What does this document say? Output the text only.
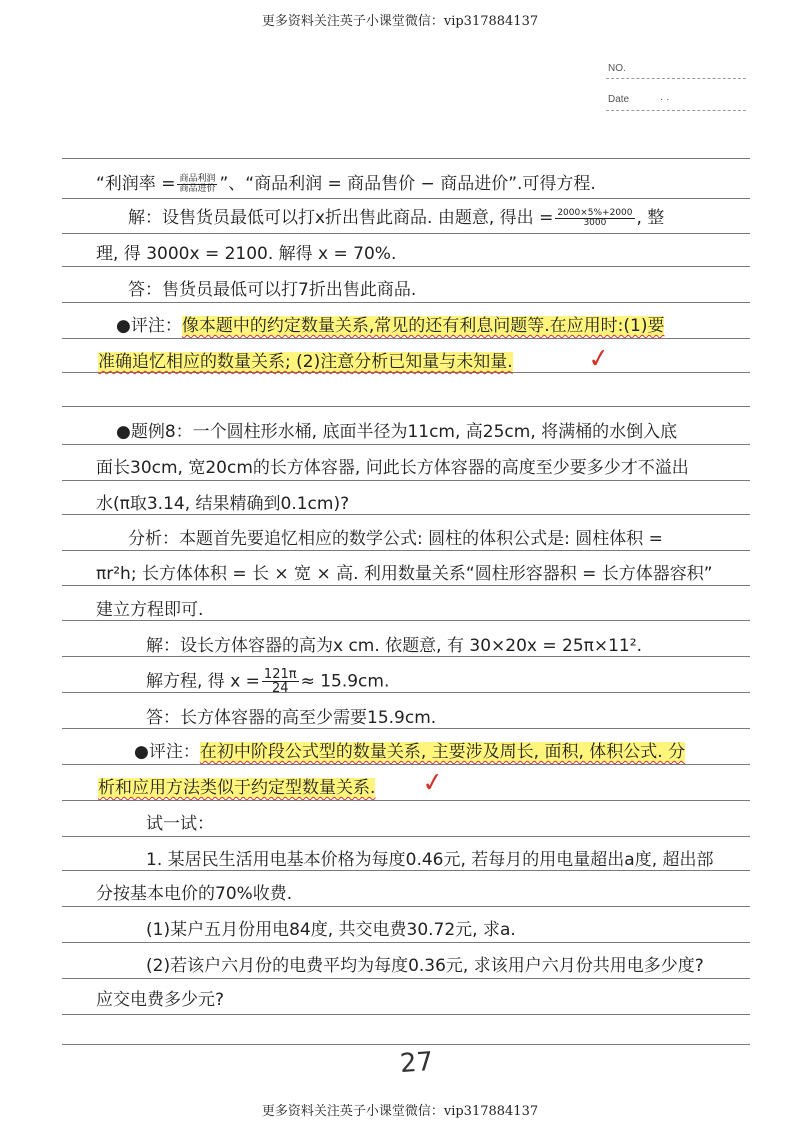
更多资料关注英子小课堂微信：vip317884137
NO.
Date	· ·
“利润率 = $\frac{\text{商品利润}}{\text{商品进价}}$ ”、“商品利润 = 商品售价 − 商品进价”.可得方程.
解：设售货员最低可以打x折出售此商品. 由题意, 得出 = $\frac{2000\times 5\%+2000}{3000}$ , 整
理, 得 3000x = 2100. 解得 x = 70%.
答：售货员最低可以打7折出售此商品.
●评注：像本题中的约定数量关系,常见的还有利息问题等.在应用时:(1)要
准确追忆相应的数量关系; (2)注意分析已知量与未知量.	✓
●题例8：一个圆柱形水桶, 底面半径为11cm, 高25cm, 将满桶的水倒入底
面长30cm, 宽20cm的长方体容器, 问此长方体容器的高度至少要多少才不溢出
水(π取3.14, 结果精确到0.1cm)?
分析：本题首先要追忆相应的数学公式: 圆柱的体积公式是: 圆柱体积 =
πr²h; 长方体体积 = 长 × 宽 × 高. 利用数量关系“圆柱形容器积 = 长方体器容积”
建立方程即可.
解：设长方体容器的高为x cm. 依题意, 有 30×20x = 25π×11².
解方程, 得 $x = \frac{121\pi}{24} \approx 15.9cm$.
答：长方体容器的高至少需要15.9cm.
●评注：在初中阶段公式型的数量关系, 主要涉及周长, 面积, 体积公式. 分
析和应用方法类似于约定型数量关系. ✓
试一试：
1. 某居民生活用电基本价格为每度0.46元, 若每月的用电量超出a度, 超出部
分按基本电价的70%收费.
(1)某户五月份用电84度, 共交电费30.72元, 求a.
(2)若该户六月份的电费平均为每度0.36元, 求该用户六月份共用电多少度?
应交电费多少元?
27
更多资料关注英子小课堂微信：vip317884137
